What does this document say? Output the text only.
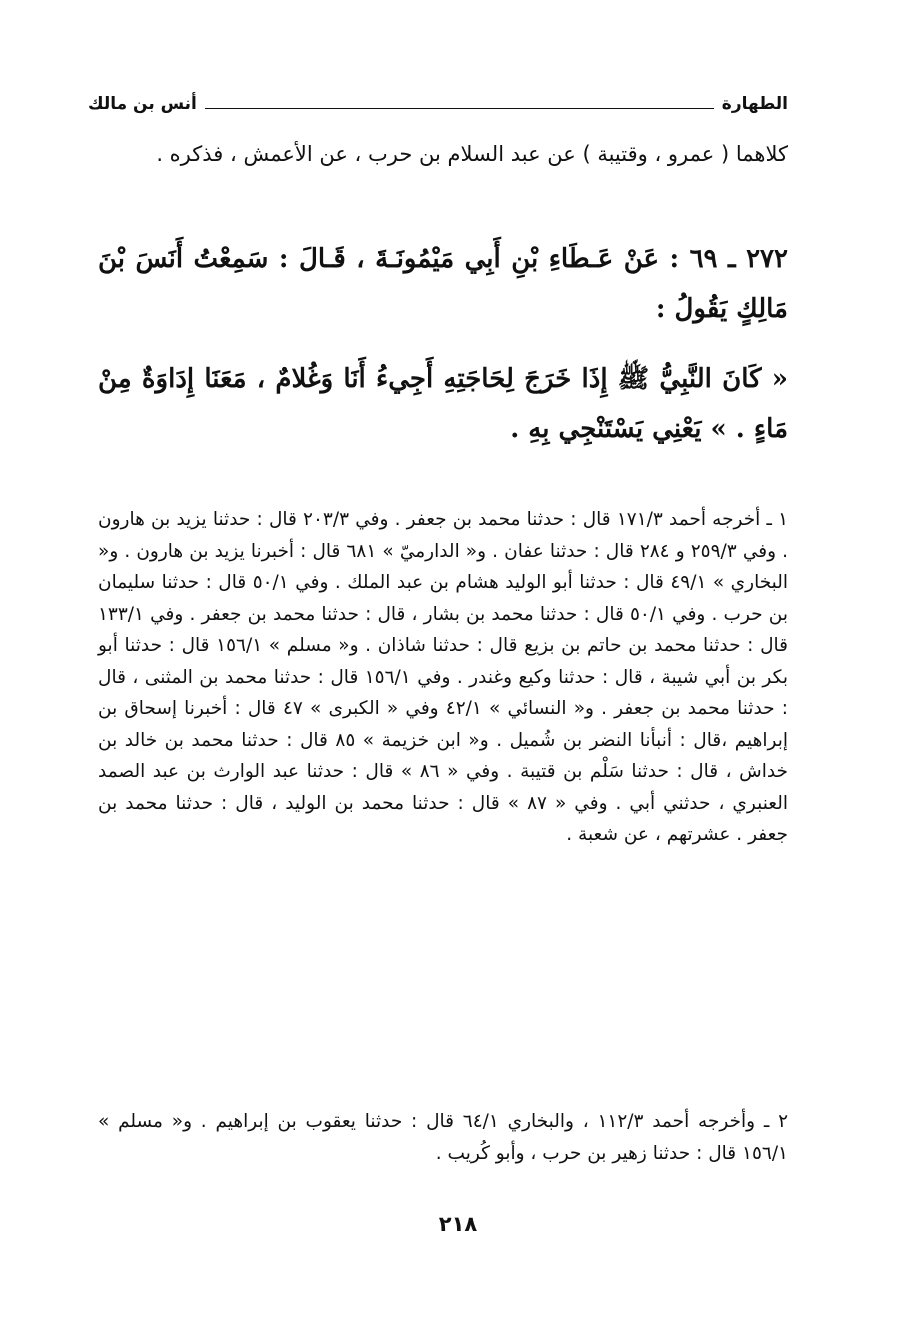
الطهارة
أنس بن مالك

كلاهما ( عمرو ، وقتيبة ) عن عبد السلام بن حرب ، عن الأعمش ، فذكره .

٢٧٢ ـ ٦٩ : عَنْ عَـطَاءِ بْنِ أَبِي مَيْمُونَـةَ ، قَـالَ : سَمِعْتُ أَنَسَ بْنَ مَالِكٍ يَقُولُ :

« كَانَ النَّبِيُّ ﷺ إِذَا خَرَجَ لِحَاجَتِهِ أَجِيءُ أَنَا وَغُلامٌ ، مَعَنَا إِدَاوَةٌ مِنْ مَاءٍ . » يَعْنِي يَسْتَنْجِي بِهِ .

١ ـ أخرجه أحمد ١٧١/٣ قال : حدثنا محمد بن جعفر . وفي ٢٠٣/٣ قال : حدثنا يزيد بن هارون . وفي ٢٥٩/٣ و ٢٨٤ قال : حدثنا عفان . و« الدارميّ » ٦٨١ قال : أخبرنا يزيد بن هارون . و« البخاري » ٤٩/١ قال : حدثنا أبو الوليد هشام بن عبد الملك . وفي ٥٠/١ قال : حدثنا سليمان بن حرب . وفي ٥٠/١ قال : حدثنا محمد بن بشار ، قال : حدثنا محمد بن جعفر . وفي ١٣٣/١ قال : حدثنا محمد بن حاتم بن بزيع قال : حدثنا شاذان . و« مسلم » ١٥٦/١ قال : حدثنا أبو بكر بن أبي شيبة ، قال : حدثنا وكيع وغندر . وفي ١٥٦/١ قال : حدثنا محمد بن المثنى ، قال : حدثنا محمد بن جعفر . و« النسائي » ٤٢/١ وفي « الكبرى » ٤٧ قال : أخبرنا إسحاق بن إبراهيم ،قال : أنبأنا النضر بن شُميل . و« ابن خزيمة » ٨٥ قال : حدثنا محمد بن خالد بن خداش ، قال : حدثنا سَلْم بن قتيبة . وفي « ٨٦ » قال : حدثنا عبد الوارث بن عبد الصمد العنبري ، حدثني أبي . وفي « ٨٧ » قال : حدثنا محمد بن الوليد ، قال : حدثنا محمد بن جعفر . عشرتهم ، عن شعبة .

٢ ـ وأخرجه أحمد ١١٢/٣ ، والبخاري ٦٤/١ قال : حدثنا يعقوب بن إبراهيم . و« مسلم » ١٥٦/١ قال : حدثنا زهير بن حرب ، وأبو كُريب .

٢١٨
